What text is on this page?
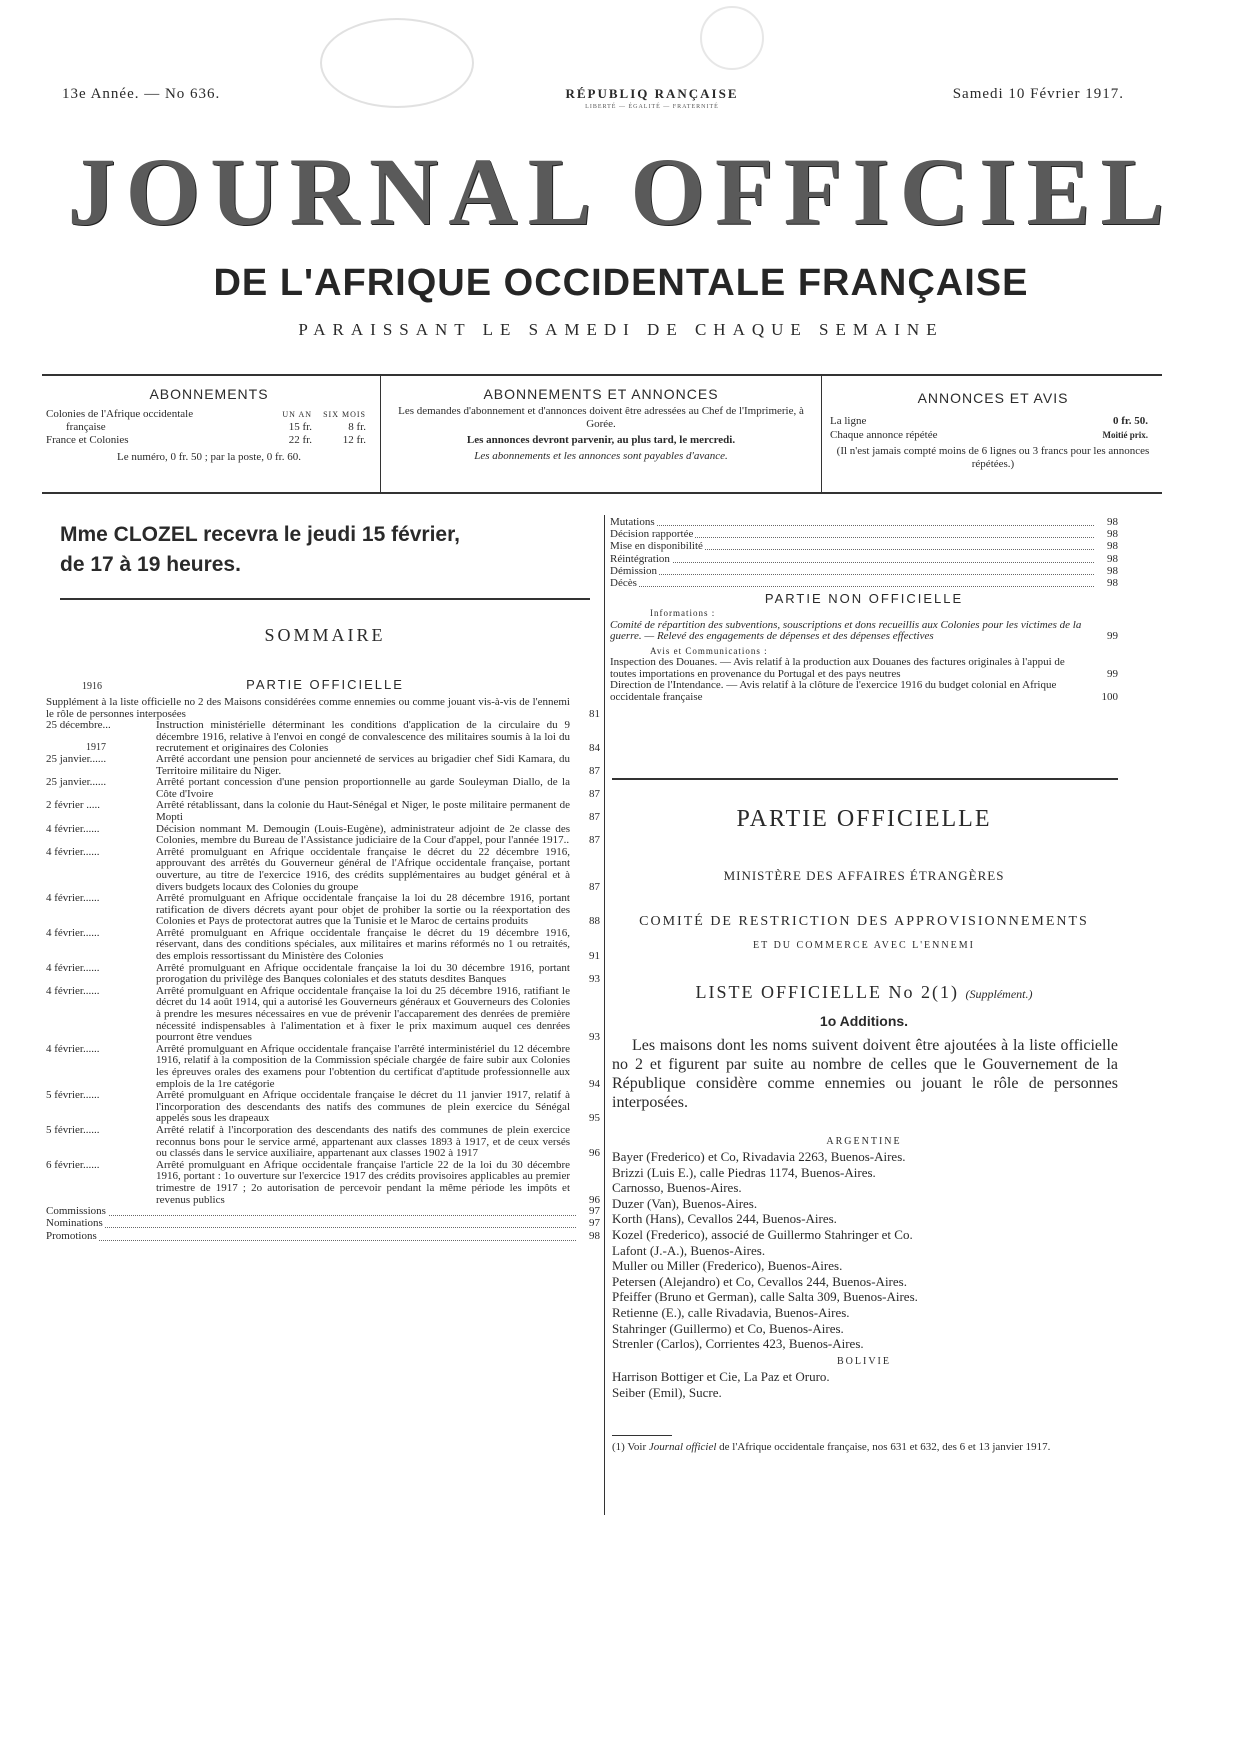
13e Année. — No 636.	RÉPUBLIQ RANÇAISE
LIBERTÉ — ÉGALITÉ — FRATERNITÉ
Samedi 10 Février 1917.
JOURNAL OFFICIEL
DE L'AFRIQUE OCCIDENTALE FRANÇAISE
PARAISSANT LE SAMEDI DE CHAQUE SEMAINE
ABONNEMENTS
UN AN	SIX MOIS
Colonies de l'Afrique occidentale
française	15 fr.	8 fr.
France et Colonies	22 fr.	12 fr.
Le numéro, 0 fr. 50 ; par la poste, 0 fr. 60.
ABONNEMENTS ET ANNONCES

Les demandes d'abonnement et d'annonces doivent être adressées au Chef de l'Imprimerie, à Gorée.

Les annonces devront parvenir, au plus tard, le mercredi.

Les abonnements et les annonces sont payables d'avance.

ANNONCES ET AVIS
La ligne	0 fr. 50.
Chaque annonce répétée	Moitié prix.

(Il n'est jamais compté moins de 6 lignes ou 3 francs pour les annonces répétées.)

Mme CLOZEL recevra le jeudi 15 février,
de 17 à 19 heures.
SOMMAIRE
1916	PARTIE OFFICIELLE
Supplément à la liste officielle no 2 des Maisons considérées comme ennemies ou comme jouant vis-à-vis de l'ennemi le rôle de personnes interposées	81
25 décembre...	Instruction ministérielle déterminant les conditions d'application de la circulaire du 9 décembre 1916, relative à l'envoi en congé de convalescence des militaires soumis à la loi du recrutement et originaires des Colonies	84
1917
25 janvier......	Arrêté accordant une pension pour ancienneté de services au brigadier chef Sidi Kamara, du Territoire militaire du Niger.	87
25 janvier......	Arrêté portant concession d'une pension proportionnelle au garde Souleyman Diallo, de la Côte d'Ivoire	87
2 février .....	Arrêté rétablissant, dans la colonie du Haut-Sénégal et Niger, le poste militaire permanent de Mopti	87
4 février......	Décision nommant M. Demougin (Louis-Eugène), administrateur adjoint de 2e classe des Colonies, membre du Bureau de l'Assistance judiciaire de la Cour d'appel, pour l'année 1917..	87
4 février......	Arrêté promulguant en Afrique occidentale française le décret du 22 décembre 1916, approuvant des arrêtés du Gouverneur général de l'Afrique occidentale française, portant ouverture, au titre de l'exercice 1916, des crédits supplémentaires au budget général et à divers budgets locaux des Colonies du groupe	87
4 février......	Arrêté promulguant en Afrique occidentale française la loi du 28 décembre 1916, portant ratification de divers décrets ayant pour objet de prohiber la sortie ou la réexportation des Colonies et Pays de protectorat autres que la Tunisie et le Maroc de certains produits	88
4 février......	Arrêté promulguant en Afrique occidentale française le décret du 19 décembre 1916, réservant, dans des conditions spéciales, aux militaires et marins réformés no 1 ou retraités, des emplois ressortissant du Ministère des Colonies	91
4 février......	Arrêté promulguant en Afrique occidentale française la loi du 30 décembre 1916, portant prorogation du privilège des Banques coloniales et des statuts desdites Banques	93
4 février......	Arrêté promulguant en Afrique occidentale française la loi du 25 décembre 1916, ratifiant le décret du 14 août 1914, qui a autorisé les Gouverneurs généraux et Gouverneurs des Colonies à prendre les mesures nécessaires en vue de prévenir l'accaparement des denrées de première nécessité indispensables à l'alimentation et à fixer le prix maximum auquel ces denrées pourront être vendues	93
4 février......	Arrêté promulguant en Afrique occidentale française l'arrêté interministériel du 12 décembre 1916, relatif à la composition de la Commission spéciale chargée de faire subir aux Colonies les épreuves orales des examens pour l'obtention du certificat d'aptitude professionnelle aux emplois de la 1re catégorie	94
5 février......	Arrêté promulguant en Afrique occidentale française le décret du 11 janvier 1917, relatif à l'incorporation des descendants des natifs des communes de plein exercice du Sénégal appelés sous les drapeaux	95
5 février......	Arrêté relatif à l'incorporation des descendants des natifs des communes de plein exercice reconnus bons pour le service armé, appartenant aux classes 1893 à 1917, et de ceux versés ou classés dans le service auxiliaire, appartenant aux classes 1902 à 1917	96
6 février......	Arrêté promulguant en Afrique occidentale française l'article 22 de la loi du 30 décembre 1916, portant : 1o ouverture sur l'exercice 1917 des crédits provisoires applicables au premier trimestre de 1917 ; 2o autorisation de percevoir pendant la même période les impôts et revenus publics	96
Commissions	97
Nominations	97
Promotions	98
Mutations	98
Décision rapportée	98
Mise en disponibilité	98
Réintégration	98
Démission	98
Décès	98
PARTIE NON OFFICIELLE
Informations :
Comité de répartition des subventions, souscriptions et dons recueillis aux Colonies pour les victimes de la guerre. — Relevé des engagements de dépenses et des dépenses effectives	99
Avis et Communications :
Inspection des Douanes. — Avis relatif à la production aux Douanes des factures originales à l'appui de toutes importations en provenance du Portugal et des pays neutres	99
Direction de l'Intendance. — Avis relatif à la clôture de l'exercice 1916 du budget colonial en Afrique occidentale française	100
PARTIE OFFICIELLE
MINISTÈRE DES AFFAIRES ÉTRANGÈRES
COMITÉ DE RESTRICTION DES APPROVISIONNEMENTS
ET DU COMMERCE AVEC L'ENNEMI
LISTE OFFICIELLE No 2(1) (Supplément.)
1o Additions.
Les maisons dont les noms suivent doivent être ajoutées à la liste officielle no 2 et figurent par suite au nombre de celles que le Gouvernement de la République considère comme ennemies ou jouant le rôle de personnes interposées.
ARGENTINE
Bayer (Frederico) et Co, Rivadavia 2263, Buenos-Aires.
Brizzi (Luis E.), calle Piedras 1174, Buenos-Aires.
Carnosso, Buenos-Aires.
Duzer (Van), Buenos-Aires.
Korth (Hans), Cevallos 244, Buenos-Aires.
Kozel (Frederico), associé de Guillermo Stahringer et Co.
Lafont (J.-A.), Buenos-Aires.
Muller ou Miller (Frederico), Buenos-Aires.
Petersen (Alejandro) et Co, Cevallos 244, Buenos-Aires.
Pfeiffer (Bruno et German), calle Salta 309, Buenos-Aires.
Retienne (E.), calle Rivadavia, Buenos-Aires.
Stahringer (Guillermo) et Co, Buenos-Aires.
Strenler (Carlos), Corrientes 423, Buenos-Aires.
BOLIVIE
Harrison Bottiger et Cie, La Paz et Oruro.
Seiber (Emil), Sucre.
(1) Voir Journal officiel de l'Afrique occidentale française, nos 631 et 632, des 6 et 13 janvier 1917.
